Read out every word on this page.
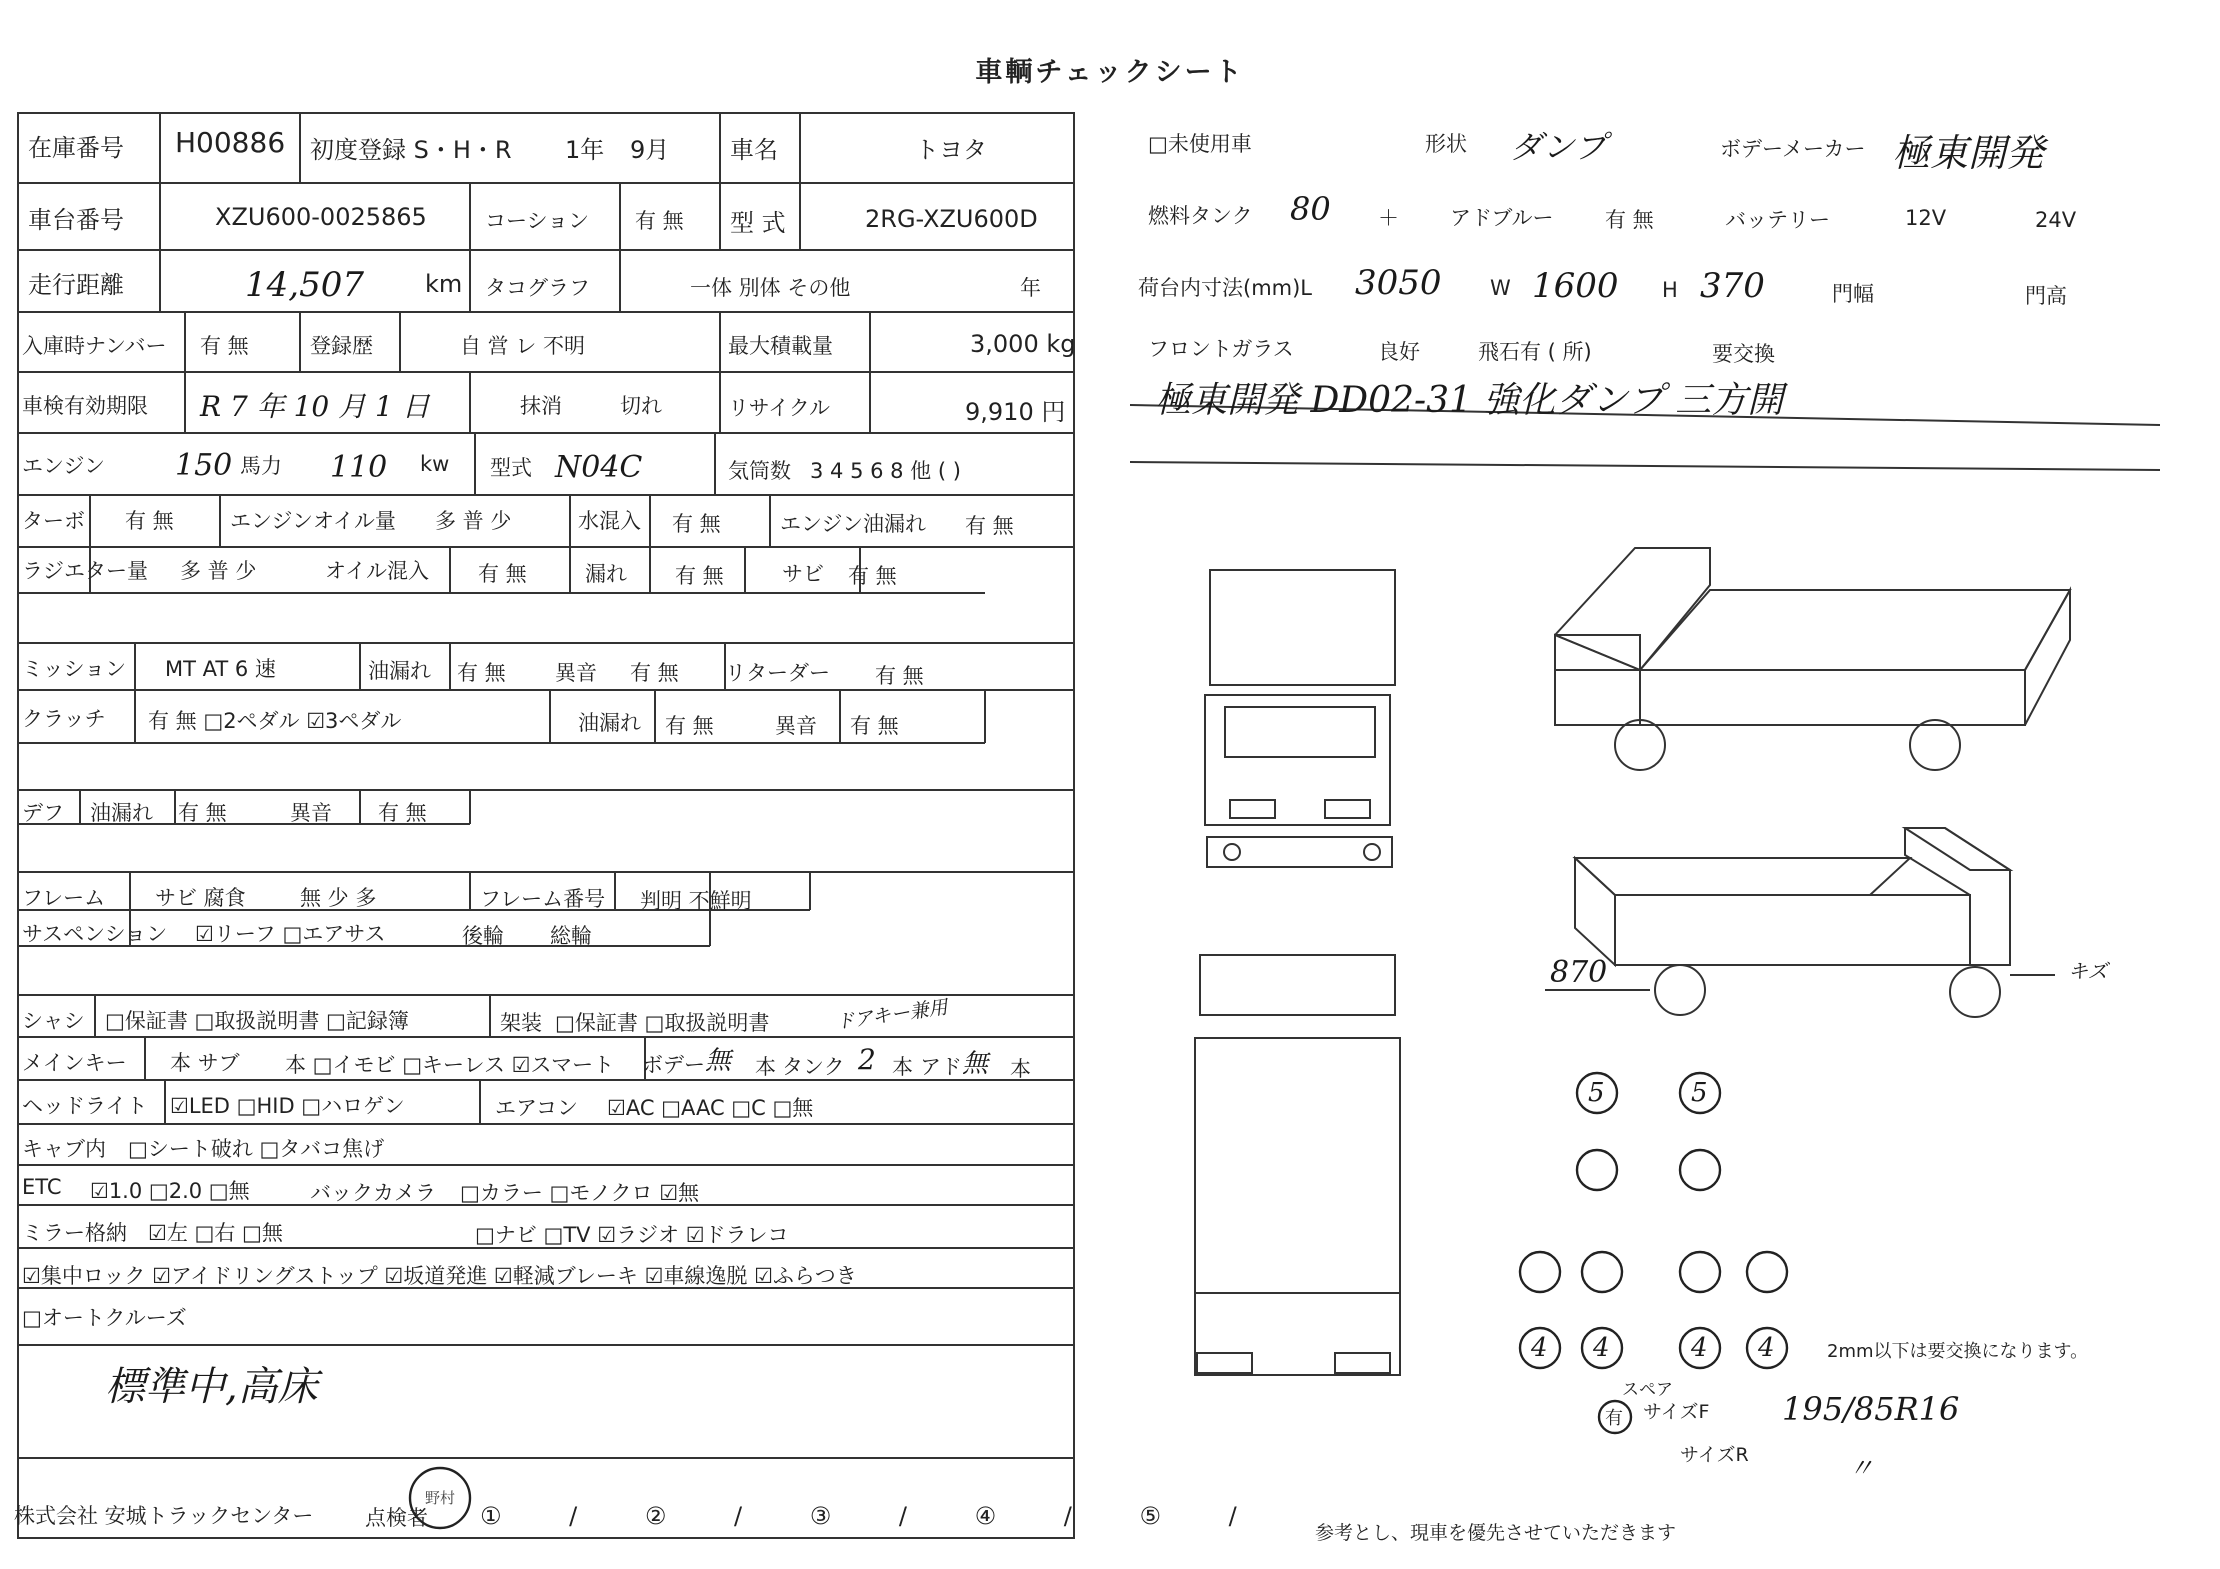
車輌チェックシート
在庫番号 H00886 初度登録 S・H・R 1年 9月	車名	トヨタ
車台番号	XZU600-0025865	コーション 有 無 型 式	2RG-XZU600D
走行距離	14,507	km タコグラフ	一体 別体 その他	年
入庫時ナンバー 有 無	登録歴	自 営 レ 不明	最大積載量	3,000 kg
車検有効期限 R 7 年 10 月 1 日	抹消	切れ	リサイクル	9,910 円
エンジン 150 馬力 110 kw 型式 N04C	気筒数 3 4 5 6 8 他 ( )
ターボ 有 無	エンジンオイル量 多 普 少	水混入 有 無	エンジン油漏れ 有 無
ラジエター量 多 普 少	オイル混入 有 無	漏れ 有 無	サビ 有 無
ミッション MT AT 6 速	油漏れ 有 無 異音 有 無 リターダー 有 無
クラッチ 有 無 □2ペダル ☑3ペダル	油漏れ 有 無	異音 有 無
デフ 油漏れ 有 無	異音 有 無
フレーム サビ 腐食	無 少 多	フレーム番号 判明 不鮮明
サスペンション ☑リーフ □エアサス	後輪 総輪
シャシ □保証書 □取扱説明書 □記録簿	架装 □保証書 □取扱説明書	ドアキー兼用
メインキー 本 サブ 本 □イモビ □キーレス ☑スマート ボデー 無 本 タンク 2 本 アド 無 本
ヘッドライト ☑LED □HID □ハロゲン	エアコン ☑AC □AAC □C □無
キャブ内 □シート破れ □タバコ焦げ
ETC ☑1.0 □2.0 □無	バックカメラ □カラー □モノクロ ☑無
ミラー格納 ☑左 □右 □無	□ナビ □TV ☑ラジオ ☑ドラレコ
☑集中ロック ☑アイドリングストップ ☑坂道発進 ☑軽減ブレーキ ☑車線逸脱 ☑ふらつき
□オートクルーズ
標準中,高床
株式会社 安城トラックセンター 点検者
野村
① / ② / ③ / ④ / ⑤ /
□未使用車	形状 ダンプ	ボデーメーカー 極東開発
燃料タンク 80 ＋ アドブルー 有 無	バッテリー	12V	24V
荷台内寸法(mm)L 3050 W 1600 H 370	門幅	門高
フロントガラス	良好	飛石有 ( 所)	要交換
極東開発 DD02-31 強化ダンプ 三方開
870	キズ
5	5
4 4	4 4	2mm以下は要交換になります。
スペア
有 サイズF 195/85R16
サイズR	〃
参考とし、現車を優先させていただきます
